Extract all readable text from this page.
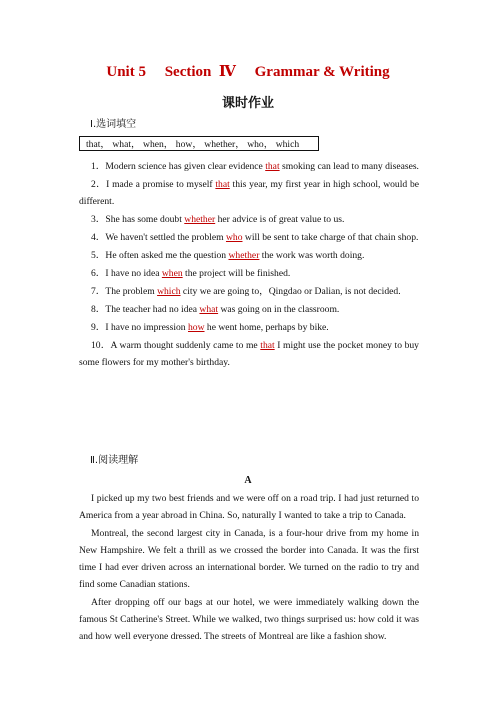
Unit 5     Section  Ⅳ     Grammar & Writing
课时作业
Ⅰ.选词填空
that， what， when， how， whether， who， which

1．Modern science has given clear evidence that smoking can lead to many diseases.

2．I made a promise to myself that this year, my first year in high school, would be different.

3．She has some doubt whether her advice is of great value to us.

4．We haven't settled the problem who will be sent to take charge of that chain shop.

5．He often asked me the question whether the work was worth doing.

6．I have no idea when the project will be finished.

7．The problem which city we are going to，Qingdao or Dalian, is not decided.

8．The teacher had no idea what was going on in the classroom.

9．I have no impression how he went home, perhaps by bike.

10．A warm thought suddenly came to me that I might use the pocket money to buy some flowers for my mother's birthday.

Ⅱ.阅读理解
A

I picked up my two best friends and we were off on a road trip. I had just returned to America from a year abroad in China. So, naturally I wanted to take a trip to Canada.

Montreal, the second largest city in Canada, is a four-hour drive from my home in New Hampshire. We felt a thrill as we crossed the border into Canada. It was the first time I had ever driven across an international border. We turned on the radio to try and find some Canadian stations.

After dropping off our bags at our hotel, we were immediately walking down the famous St Catherine's Street. While we walked, two things surprised us: how cold it was and how well everyone dressed. The streets of Montreal are like a fashion show.
